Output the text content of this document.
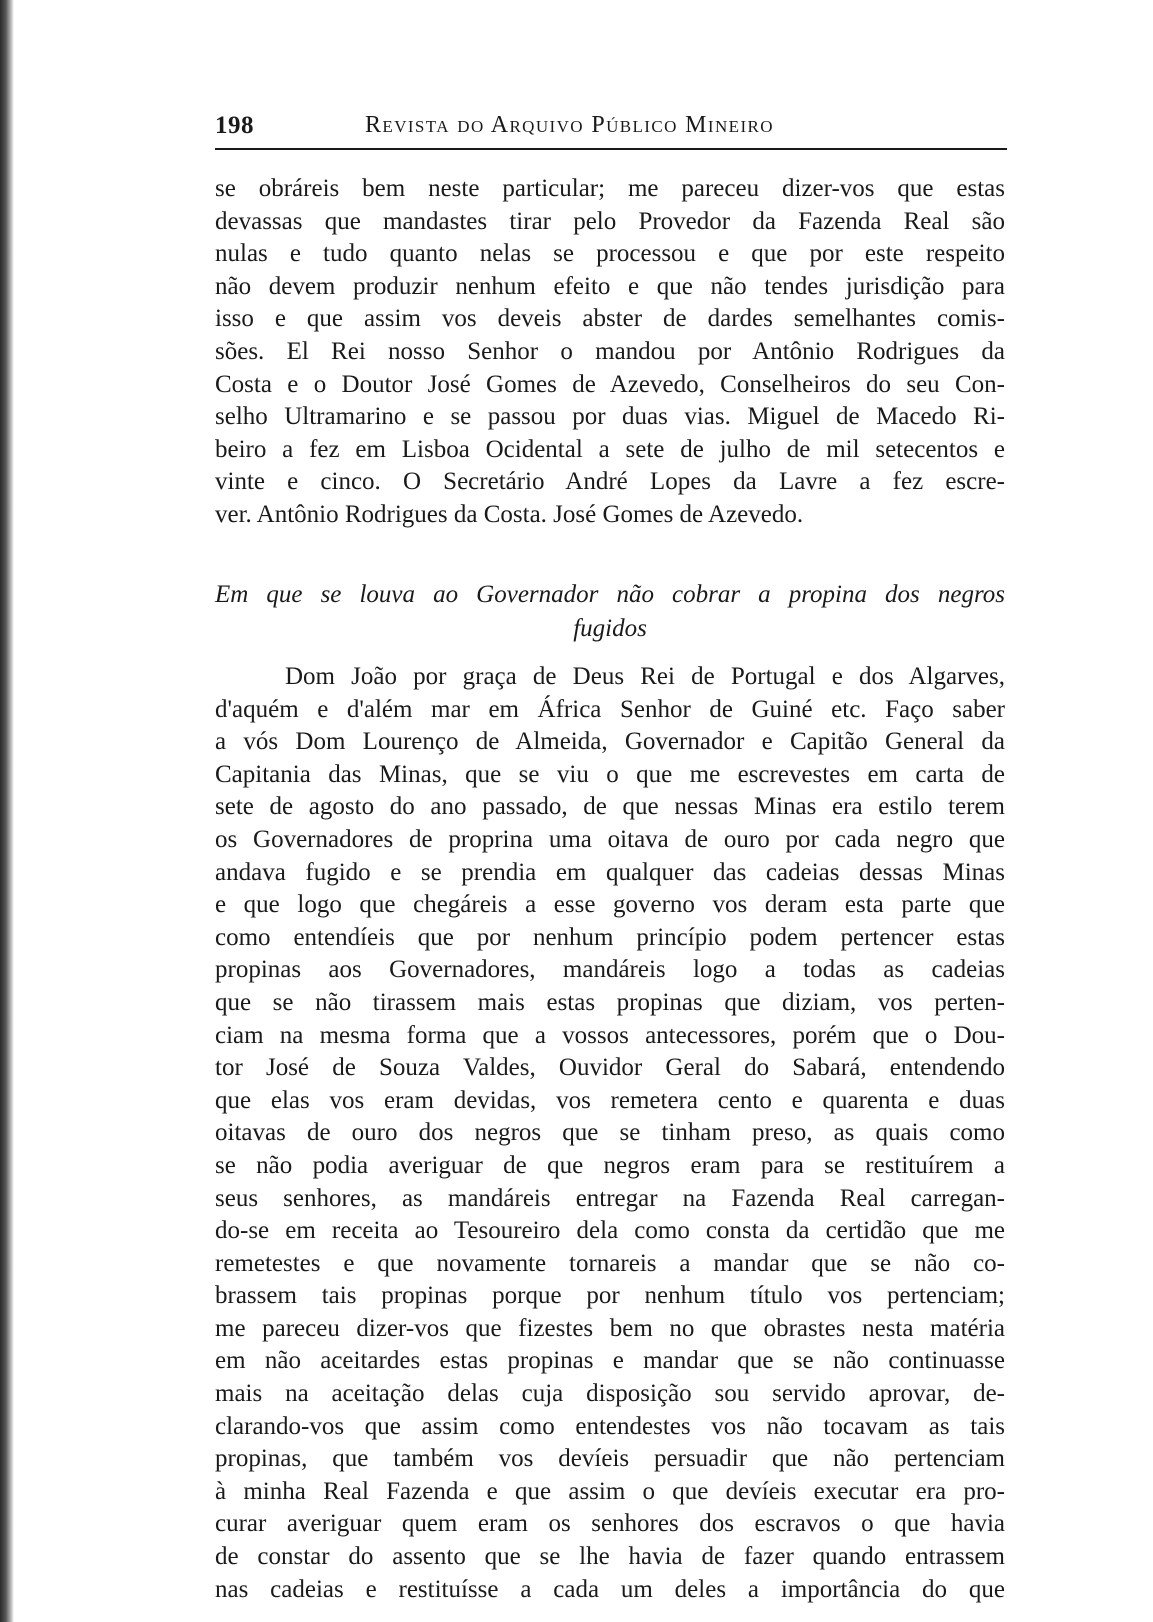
198	Revista do Arquivo Público Mineiro
se obráreis bem neste particular; me pareceu dizer-vos que estas
devassas que mandastes tirar pelo Provedor da Fazenda Real são
nulas e tudo quanto nelas se processou e que por este respeito
não devem produzir nenhum efeito e que não tendes jurisdição para
isso e que assim vos deveis abster de dardes semelhantes comis-
sões. El Rei nosso Senhor o mandou por Antônio Rodrigues da
Costa e o Doutor José Gomes de Azevedo, Conselheiros do seu Con-
selho Ultramarino e se passou por duas vias. Miguel de Macedo Ri-
beiro a fez em Lisboa Ocidental a sete de julho de mil setecentos e
vinte e cinco. O Secretário André Lopes da Lavre a fez escre-
ver. Antônio Rodrigues da Costa. José Gomes de Azevedo.
Em que se louva ao Governador não cobrar a propina dos negros
fugidos
Dom João por graça de Deus Rei de Portugal e dos Algarves,
d'aquém e d'além mar em África Senhor de Guiné etc. Faço saber
a vós Dom Lourenço de Almeida, Governador e Capitão General da
Capitania das Minas, que se viu o que me escrevestes em carta de
sete de agosto do ano passado, de que nessas Minas era estilo terem
os Governadores de proprina uma oitava de ouro por cada negro que
andava fugido e se prendia em qualquer das cadeias dessas Minas
e que logo que chegáreis a esse governo vos deram esta parte que
como entendíeis que por nenhum princípio podem pertencer estas
propinas aos Governadores, mandáreis logo a todas as cadeias
que se não tirassem mais estas propinas que diziam, vos perten-
ciam na mesma forma que a vossos antecessores, porém que o Dou-
tor José de Souza Valdes, Ouvidor Geral do Sabará, entendendo
que elas vos eram devidas, vos remetera cento e quarenta e duas
oitavas de ouro dos negros que se tinham preso, as quais como
se não podia averiguar de que negros eram para se restituírem a
seus senhores, as mandáreis entregar na Fazenda Real carregan-
do-se em receita ao Tesoureiro dela como consta da certidão que me
remetestes e que novamente tornareis a mandar que se não co-
brassem tais propinas porque por nenhum título vos pertenciam;
me pareceu dizer-vos que fizestes bem no que obrastes nesta matéria
em não aceitardes estas propinas e mandar que se não continuasse
mais na aceitação delas cuja disposição sou servido aprovar, de-
clarando-vos que assim como entendestes vos não tocavam as tais
propinas, que também vos devíeis persuadir que não pertenciam
à minha Real Fazenda e que assim o que devíeis executar era pro-
curar averiguar quem eram os senhores dos escravos o que havia
de constar do assento que se lhe havia de fazer quando entrassem
nas cadeias e restituísse a cada um deles a importância do que
